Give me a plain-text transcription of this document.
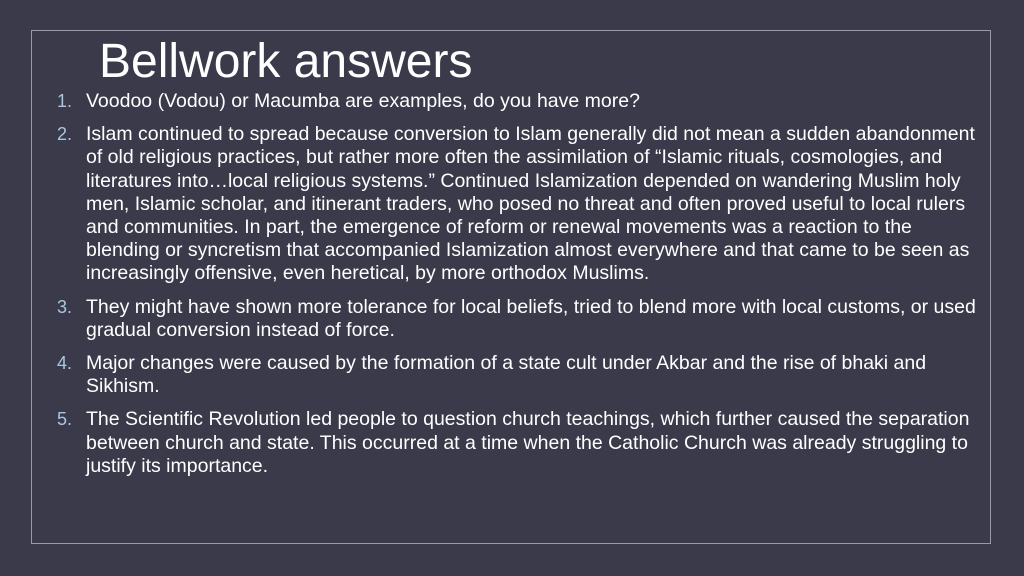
Bellwork answers
1. Voodoo (Vodou) or Macumba are examples, do you have more?
2. Islam continued to spread because conversion to Islam generally did not mean a sudden abandonment of old religious practices, but rather more often the assimilation of “Islamic rituals, cosmologies, and literatures into…local religious systems.” Continued Islamization depended on wandering Muslim holy men, Islamic scholar, and itinerant traders, who posed no threat and often proved useful to local rulers and communities. In part, the emergence of reform or renewal movements was a reaction to the blending or syncretism that accompanied Islamization almost everywhere and that came to be seen as increasingly offensive, even heretical, by more orthodox Muslims.
3. They might have shown more tolerance for local beliefs, tried to blend more with local customs, or used gradual conversion instead of force.
4. Major changes were caused by the formation of a state cult under Akbar and the rise of bhaki and Sikhism.
5. The Scientific Revolution led people to question church teachings, which further caused the separation between church and state. This occurred at a time when the Catholic Church was already struggling to justify its importance.
